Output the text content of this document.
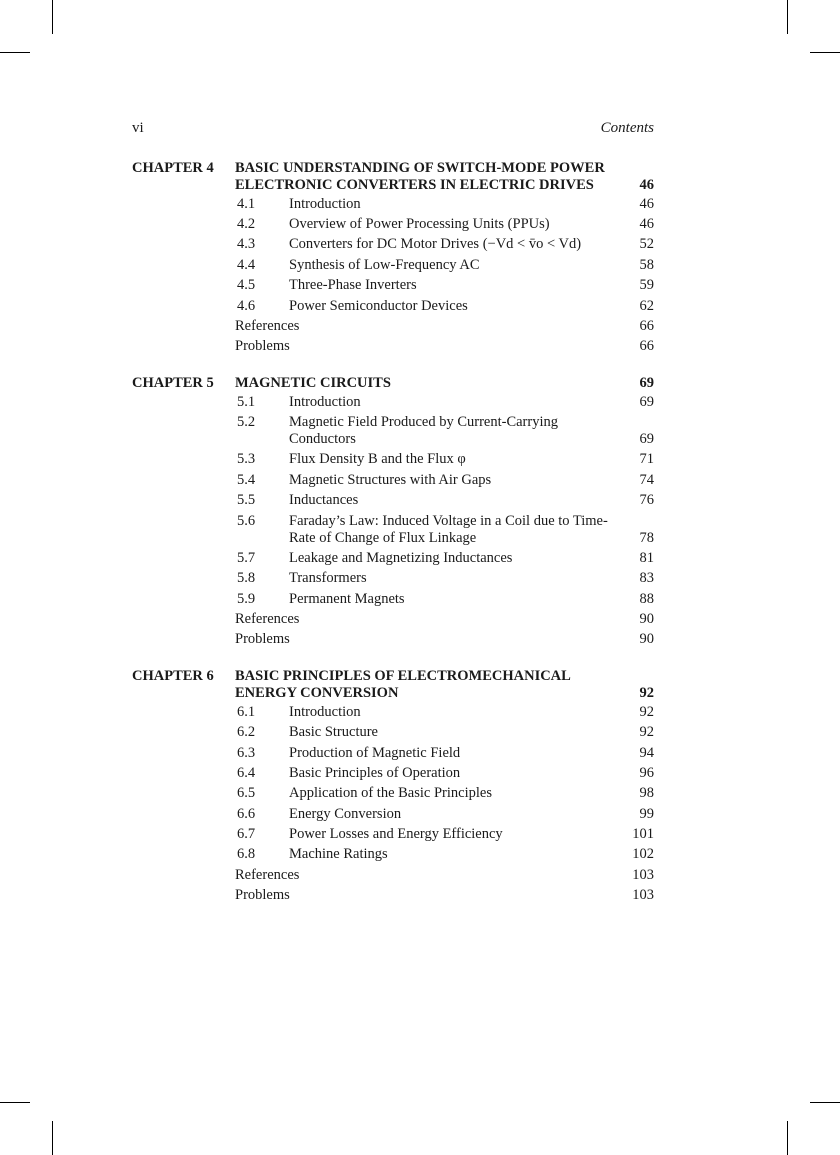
vi	Contents
CHAPTER 4 BASIC UNDERSTANDING OF SWITCH-MODE POWER ELECTRONIC CONVERTERS IN ELECTRIC DRIVES	46
4.1	Introduction	46
4.2	Overview of Power Processing Units (PPUs)	46
4.3	Converters for DC Motor Drives (−Vd < v̄o < Vd)	52
4.4	Synthesis of Low-Frequency AC	58
4.5	Three-Phase Inverters	59
4.6	Power Semiconductor Devices	62
References	66
Problems	66
CHAPTER 5 MAGNETIC CIRCUITS	69
5.1	Introduction	69
5.2	Magnetic Field Produced by Current-Carrying Conductors	69
5.3	Flux Density B and the Flux φ	71
5.4	Magnetic Structures with Air Gaps	74
5.5	Inductances	76
5.6	Faraday’s Law: Induced Voltage in a Coil due to Time-Rate of Change of Flux Linkage	78
5.7	Leakage and Magnetizing Inductances	81
5.8	Transformers	83
5.9	Permanent Magnets	88
References	90
Problems	90
CHAPTER 6 BASIC PRINCIPLES OF ELECTROMECHANICAL ENERGY CONVERSION	92
6.1	Introduction	92
6.2	Basic Structure	92
6.3	Production of Magnetic Field	94
6.4	Basic Principles of Operation	96
6.5	Application of the Basic Principles	98
6.6	Energy Conversion	99
6.7	Power Losses and Energy Efficiency	101
6.8	Machine Ratings	102
References	103
Problems	103
